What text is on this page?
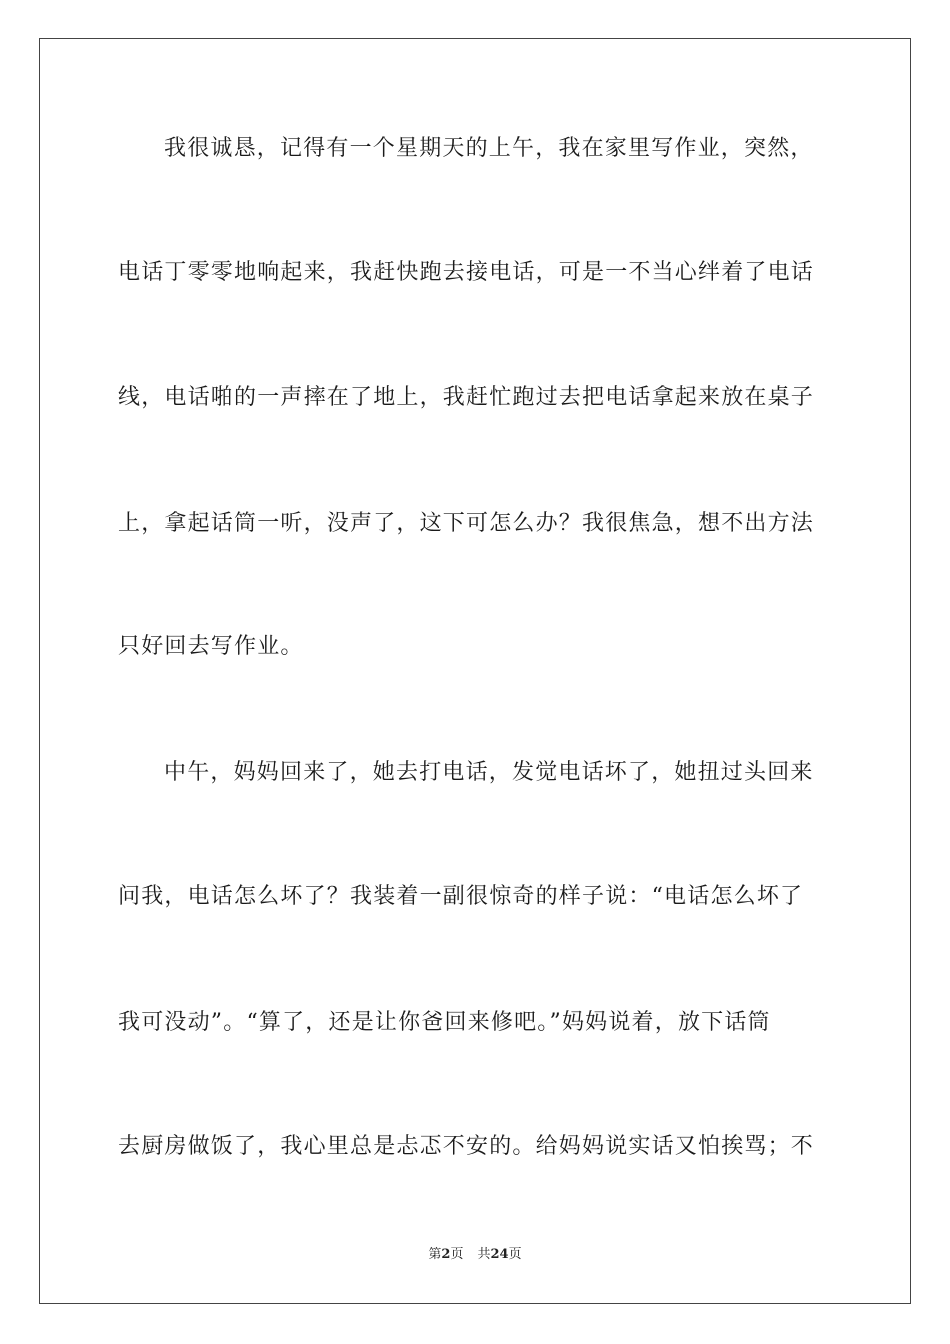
我很诚恳，记得有一个星期天的上午，我在家里写作业，突然，

电话丁零零地响起来，我赶快跑去接电话，可是一不当心绊着了电话

线，电话啪的一声摔在了地上，我赶忙跑过去把电话拿起来放在桌子

上，拿起话筒一听，没声了，这下可怎么办？我很焦急，想不出方法

只好回去写作业。

中午，妈妈回来了，她去打电话，发觉电话坏了，她扭过头回来

问我，电话怎么坏了？我装着一副很惊奇的样子说：“电话怎么坏了

我可没动”。“算了，还是让你爸回来修吧。”妈妈说着，放下话筒

去厨房做饭了，我心里总是忐忑不安的。给妈妈说实话又怕挨骂；不

第2页 共24页
